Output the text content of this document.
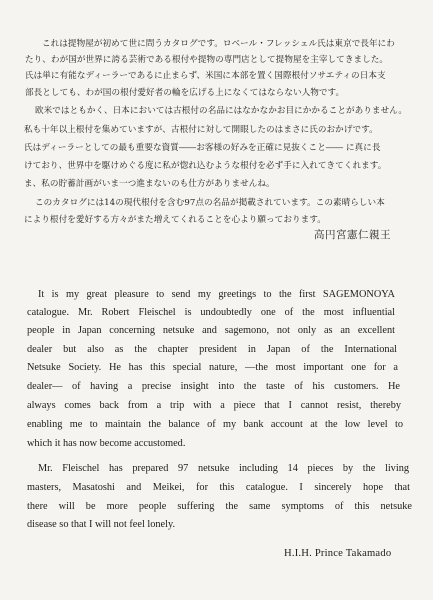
これは提物屋が初めて世に問うカタログです。ロベール・フレッシェル氏は東京で長年にわ
たり、わが国が世界に誇る芸術である根付や提物の専門店として提物屋を主宰してきました。
氏は単に有能なディーラーであるに止まらず、米国に本部を置く国際根付ソサエティの日本支
部長としても、わが国の根付愛好者の輪を広げる上になくてはならない人物です。
欧米ではともかく、日本においては古根付の名品にはなかなかお目にかかることがありません。
私も十年以上根付を集めていますが、古根付に対して開眼したのはまさに氏のおかげです。
氏はディーラーとしての最も重要な資質――お客様の好みを正確に見抜くこと―― に真に長
けており、世界中を駆けめぐる度に私が惚れ込むような根付を必ず手に入れてきてくれます。
ま、私の貯蓄計画がいま一つ進まないのも仕方がありませんね。
このカタログには14の現代根付を含む97点の名品が掲載されています。この素晴らしい本
により根付を愛好する方々がまた増えてくれることを心より願っております。
高円宮憲仁親王
It is my great pleasure to send my greetings to the first SAGEMONOYA
catalogue. Mr. Robert Fleischel is undoubtedly one of the most influential
people in Japan concerning netsuke and sagemono, not only as an excellent
dealer but also as the chapter president in Japan of the International
Netsuke Society. He has this special nature, —the most important one for a
dealer— of having a precise insight into the taste of his customers. He
always comes back from a trip with a piece that I cannot resist, thereby
enabling me to maintain the balance of my bank account at the low level to
which it has now become accustomed.
Mr. Fleischel has prepared 97 netsuke including 14 pieces by the living
masters, Masatoshi and Meikei, for this catalogue. I sincerely hope that
there will be more people suffering the same symptoms of this netsuke
disease so that I will not feel lonely.
H.I.H. Prince Takamado
